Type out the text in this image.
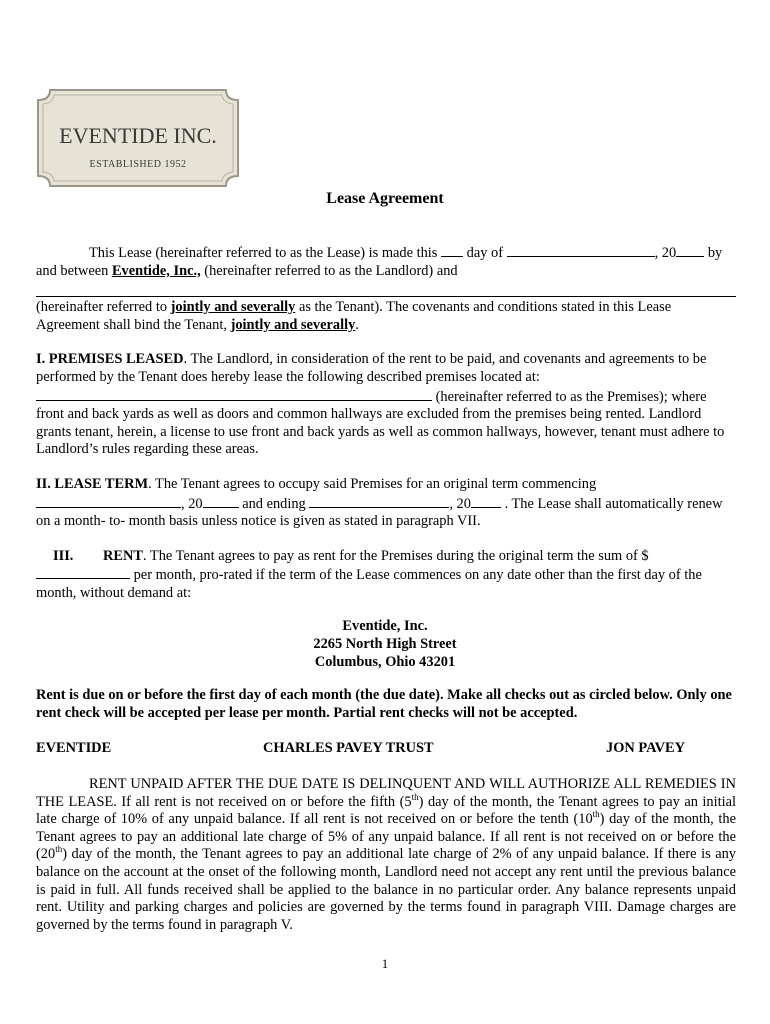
EVENTIDE INC.
ESTABLISHED 1952
Lease Agreement

This Lease (hereinafter referred to as the Lease) is made this day of	, 20 by and between Eventide, Inc., (hereinafter referred to as the Landlord) and

(hereinafter referred to jointly and severally as the Tenant). The covenants and conditions stated in this Lease Agreement shall bind the Tenant, jointly and severally.

I. PREMISES LEASED. The Landlord, in consideration of the rent to be paid, and covenants and agreements to be performed by the Tenant does hereby lease the following described premises located at:  (hereinafter referred to as the Premises); where front and back yards as well as doors and common hallways are excluded from the premises being rented. Landlord grants tenant, herein, a license to use front and back yards as well as common hallways, however, tenant must adhere to Landlord’s rules regarding these areas.

II. LEASE TERM. The Tenant agrees to occupy said Premises for an original term commencing , 20	and ending	, 20 . The Lease shall automatically renew on a month- to- month basis unless notice is given as stated in paragraph VII.

III. RENT. The Tenant agrees to pay as rent for the Premises during the original term the sum of $  per month, pro-rated if the term of the Lease commences on any date other than the first day of the month, without demand at:

Eventide, Inc.
2265 North High Street
Columbus, Ohio 43201
Rent is due on or before the first day of each month (the due date). Make all checks out as circled below. Only one rent check will be accepted per lease per month. Partial rent checks will not be accepted.
EVENTIDE	CHARLES PAVEY TRUST	JON PAVEY
RENT UNPAID AFTER THE DUE DATE IS DELINQUENT AND WILL AUTHORIZE ALL REMEDIES IN THE LEASE. If all rent is not received on or before the fifth (5th) day of the month, the Tenant agrees to pay an initial late charge of 10% of any unpaid balance. If all rent is not received on or before the tenth (10th) day of the month, the Tenant agrees to pay an additional late charge of 5% of any unpaid balance. If all rent is not received on or before the (20th) day of the month, the Tenant agrees to pay an additional late charge of 2% of any unpaid balance. If there is any balance on the account at the onset of the following month, Landlord need not accept any rent until the previous balance is paid in full. All funds received shall be applied to the balance in no particular order. Any balance represents unpaid rent. Utility and parking charges and policies are governed by the terms found in paragraph VIII. Damage charges are governed by the terms found in paragraph V.
1
